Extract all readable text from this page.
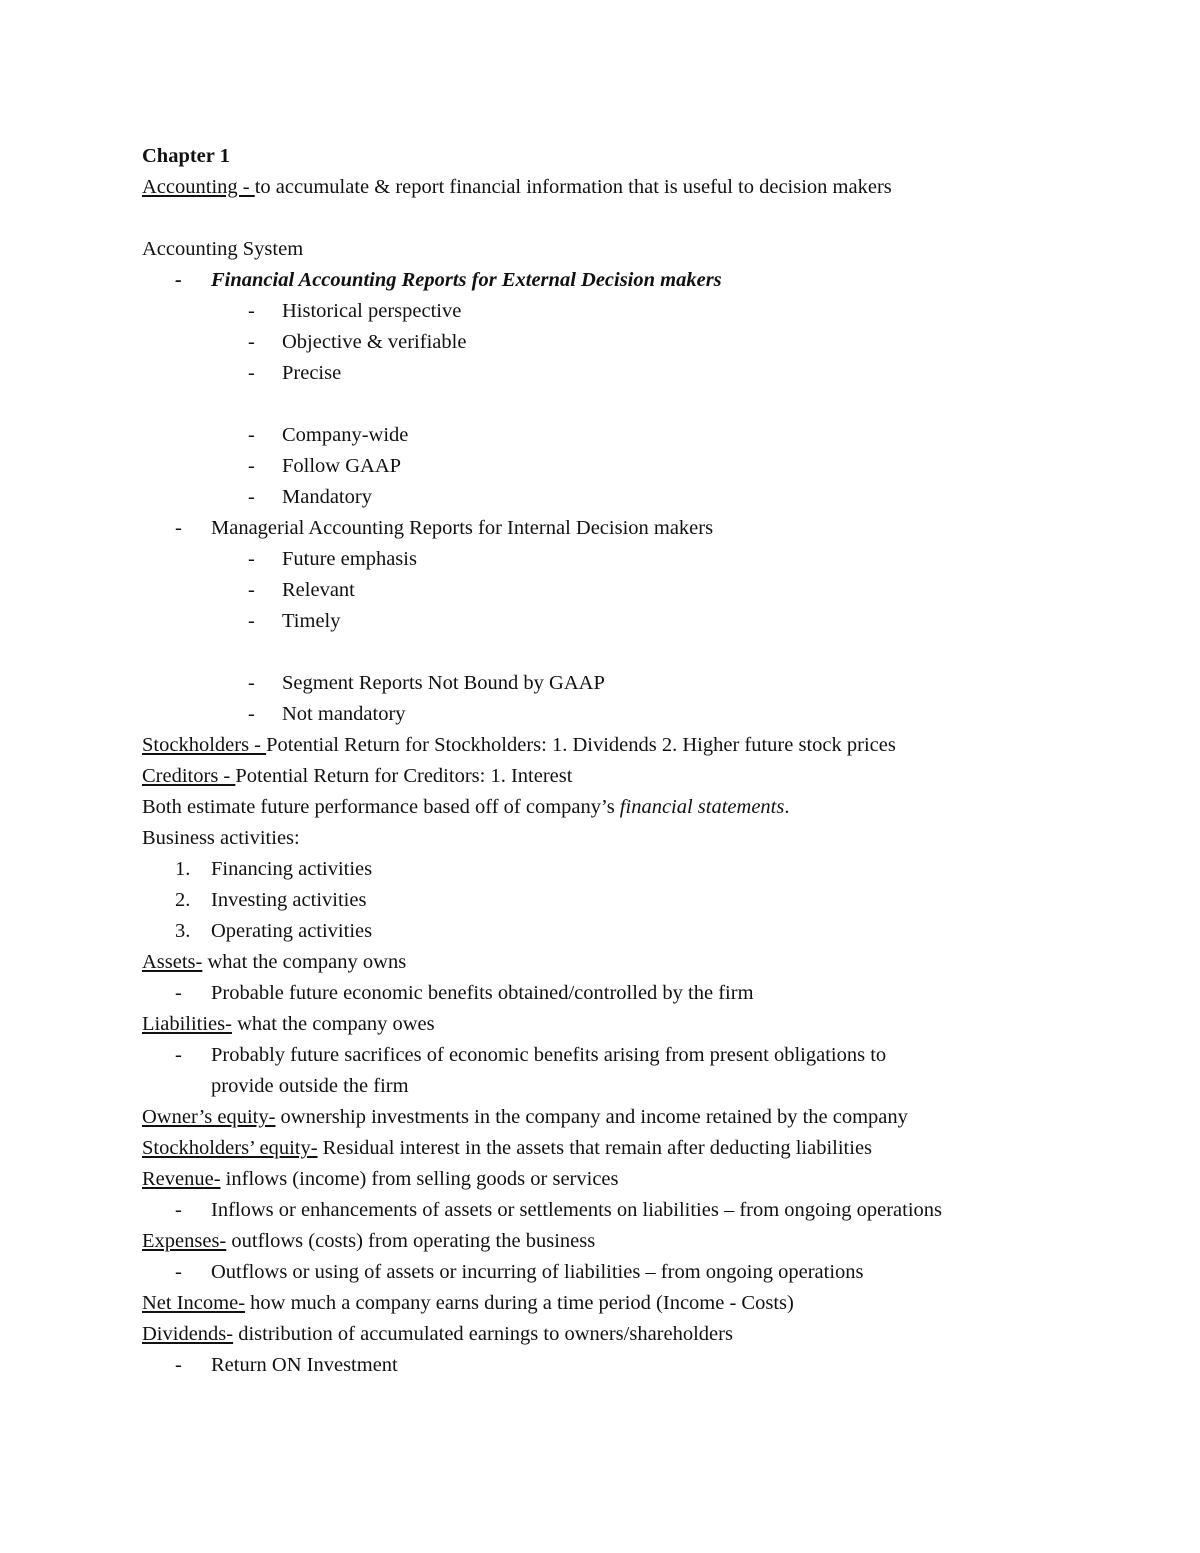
Chapter 1
Accounting - to accumulate & report financial information that is useful to decision makers
Accounting System
- Financial Accounting Reports for External Decision makers
- Historical perspective
- Objective & verifiable
- Precise
- Company-wide
- Follow GAAP
- Mandatory
- Managerial Accounting Reports for Internal Decision makers
- Future emphasis
- Relevant
- Timely
- Segment Reports Not Bound by GAAP
- Not mandatory
Stockholders - Potential Return for Stockholders: 1. Dividends 2. Higher future stock prices
Creditors - Potential Return for Creditors: 1. Interest
Both estimate future performance based off of company’s financial statements.
Business activities:
1. Financing activities
2. Investing activities
3. Operating activities
Assets- what the company owns
- Probable future economic benefits obtained/controlled by the firm
Liabilities- what the company owes
- Probably future sacrifices of economic benefits arising from present obligations to
provide outside the firm
Owner’s equity- ownership investments in the company and income retained by the company
Stockholders’ equity- Residual interest in the assets that remain after deducting liabilities
Revenue- inflows (income) from selling goods or services
- Inflows or enhancements of assets or settlements on liabilities – from ongoing operations
Expenses- outflows (costs) from operating the business
- Outflows or using of assets or incurring of liabilities – from ongoing operations
Net Income- how much a company earns during a time period (Income - Costs)
Dividends- distribution of accumulated earnings to owners/shareholders
- Return ON Investment
